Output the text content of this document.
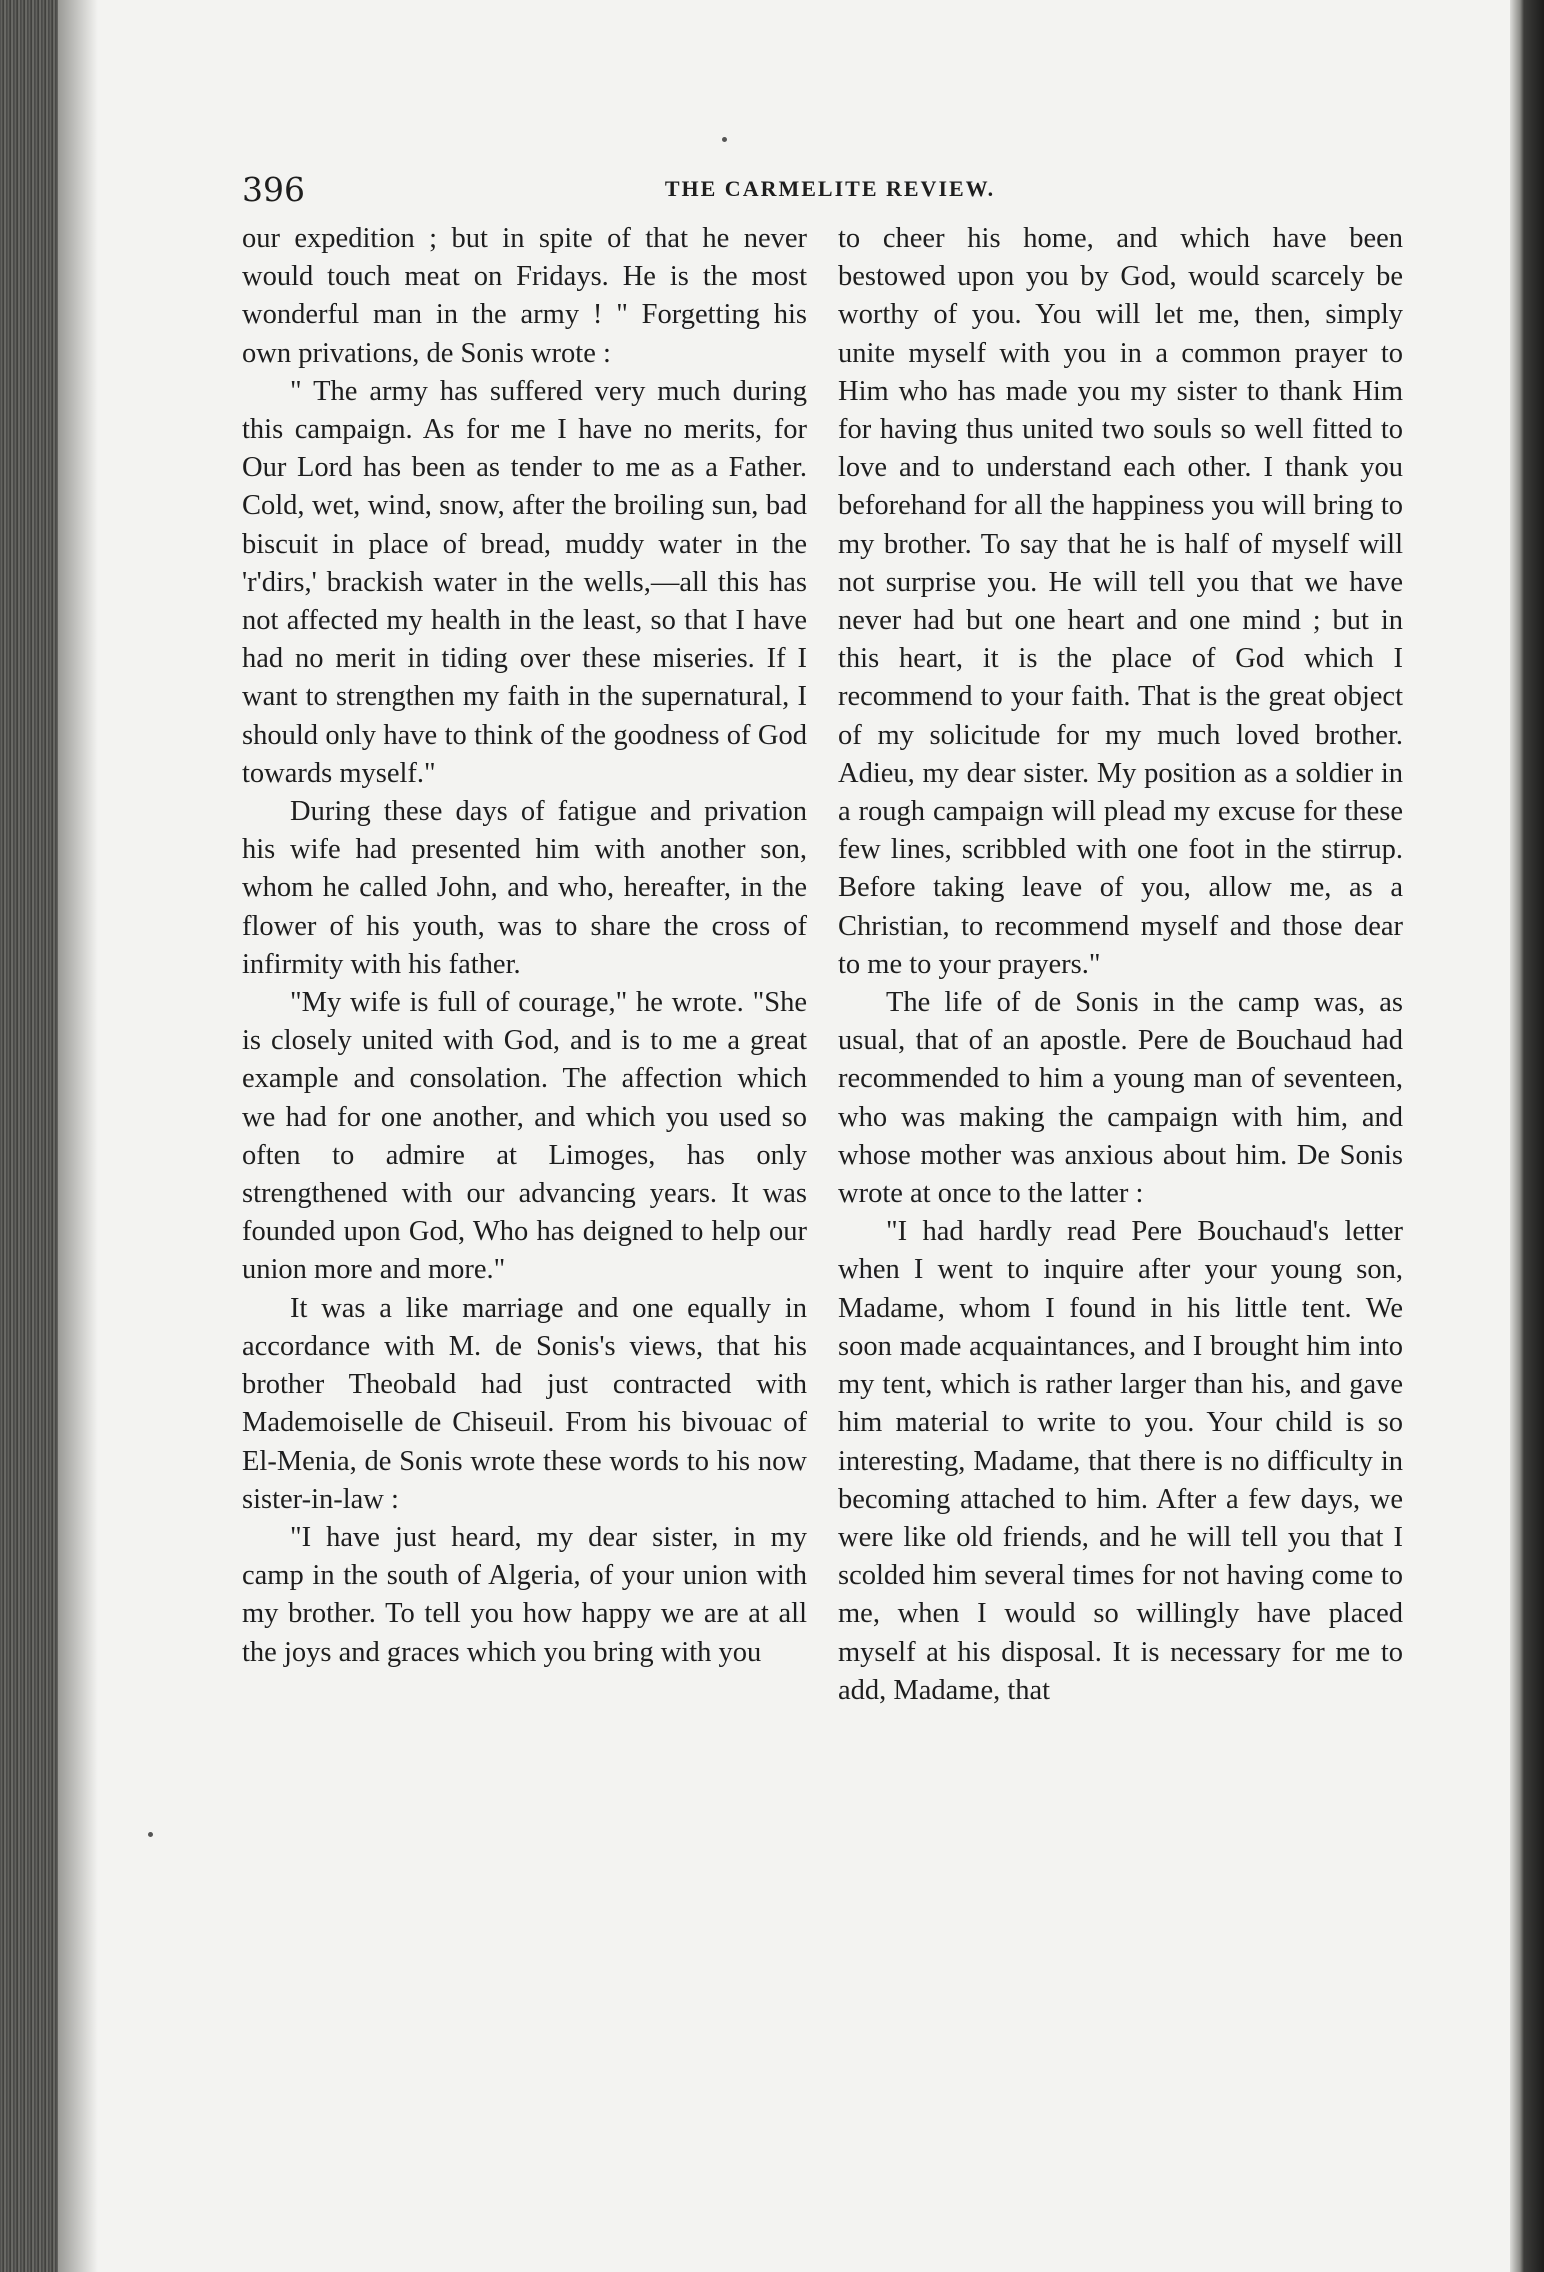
396	THE CARMELITE REVIEW.

our expedition ; but in spite of that he never would touch meat on Fridays. He is the most wonderful man in the army ! " Forgetting his own privations, de Sonis wrote :

" The army has suffered very much during this campaign. As for me I have no merits, for Our Lord has been as tender to me as a Father. Cold, wet, wind, snow, after the broiling sun, bad biscuit in place of bread, muddy water in the 'r'dirs,' brackish water in the wells,—all this has not affected my health in the least, so that I have had no merit in tiding over these miseries. If I want to strengthen my faith in the supernatural, I should only have to think of the goodness of God towards myself."

During these days of fatigue and privation his wife had presented him with another son, whom he called John, and who, hereafter, in the flower of his youth, was to share the cross of infirmity with his father.

"My wife is full of courage," he wrote. "She is closely united with God, and is to me a great example and consolation. The affection which we had for one another, and which you used so often to admire at Limoges, has only strengthened with our advancing years. It was founded upon God, Who has deigned to help our union more and more."

It was a like marriage and one equally in accordance with M. de Sonis's views, that his brother Theobald had just contracted with Mademoiselle de Chiseuil. From his bivouac of El-Menia, de Sonis wrote these words to his now sister-in-law :

"I have just heard, my dear sister, in my camp in the south of Algeria, of your union with my brother. To tell you how happy we are at all the joys and graces which you bring with you

to cheer his home, and which have been bestowed upon you by God, would scarcely be worthy of you. You will let me, then, simply unite myself with you in a common prayer to Him who has made you my sister to thank Him for having thus united two souls so well fitted to love and to understand each other. I thank you beforehand for all the happiness you will bring to my brother. To say that he is half of myself will not surprise you. He will tell you that we have never had but one heart and one mind ; but in this heart, it is the place of God which I recommend to your faith. That is the great object of my solicitude for my much loved brother. Adieu, my dear sister. My position as a soldier in a rough campaign will plead my excuse for these few lines, scribbled with one foot in the stirrup. Before taking leave of you, allow me, as a Christian, to recommend myself and those dear to me to your prayers."

The life of de Sonis in the camp was, as usual, that of an apostle. Pere de Bouchaud had recommended to him a young man of seventeen, who was making the campaign with him, and whose mother was anxious about him. De Sonis wrote at once to the latter :

"I had hardly read Pere Bouchaud's letter when I went to inquire after your young son, Madame, whom I found in his little tent. We soon made acquaintances, and I brought him into my tent, which is rather larger than his, and gave him material to write to you. Your child is so interesting, Madame, that there is no difficulty in becoming attached to him. After a few days, we were like old friends, and he will tell you that I scolded him several times for not having come to me, when I would so willingly have placed myself at his disposal. It is necessary for me to add, Madame, that
